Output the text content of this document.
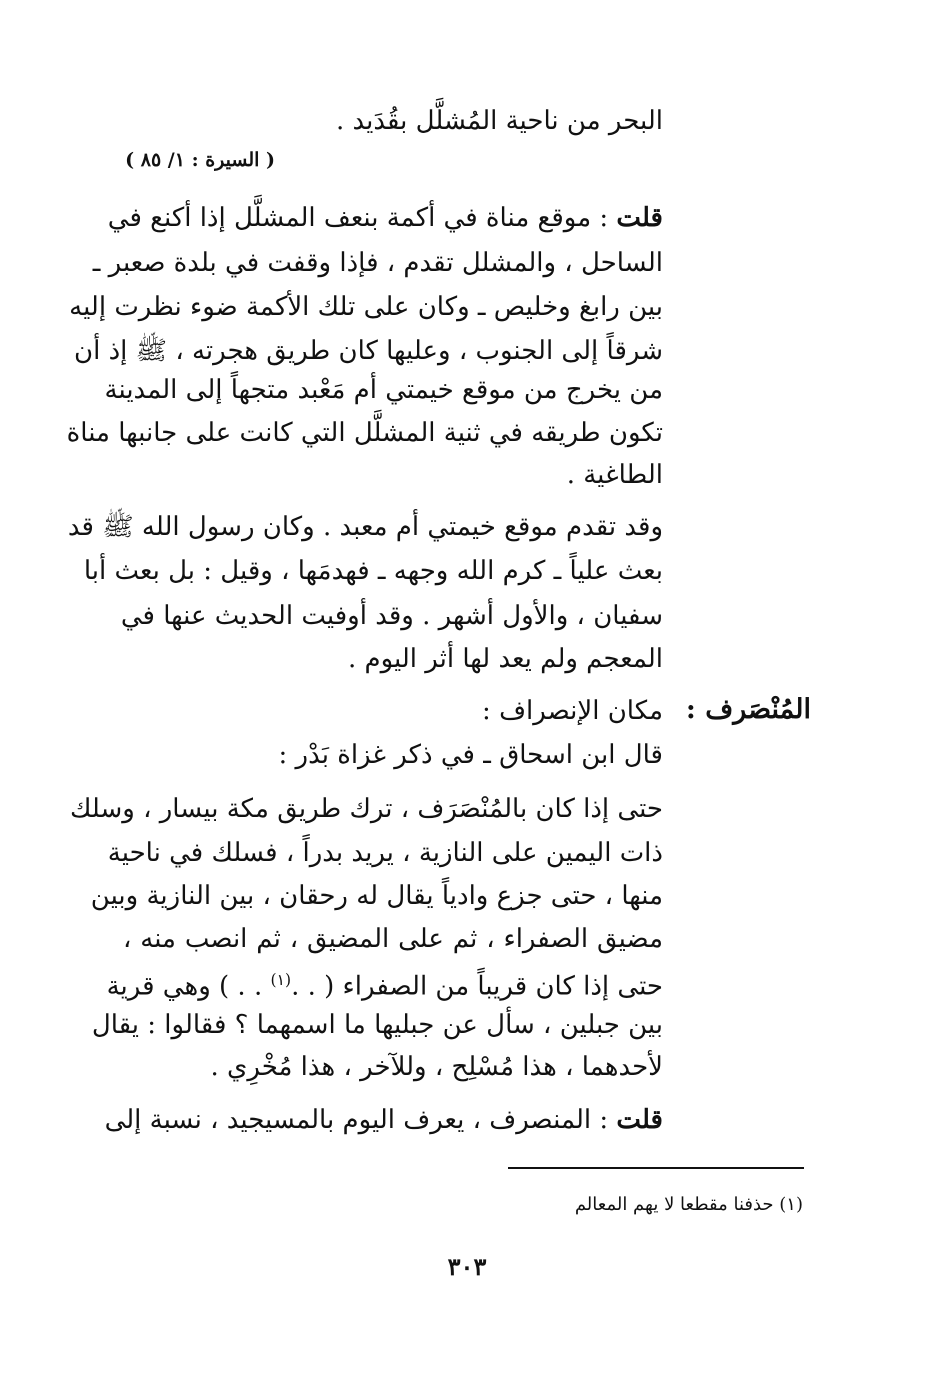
البحر من ناحية المُشلَّل بقُدَيد .
( السيرة : ١/ ٨٥ )
قلت : موقع مناة في أكمة بنعف المشلَّل إذا أكنع في
الساحل ، والمشلل تقدم ، فإذا وقفت في بلدة صعبر ـ
بين رابغ وخليص ـ وكان على تلك الأكمة ضوء نظرت إليه
شرقاً إلى الجنوب ، وعليها كان طريق هجرته ، ﷺ إذ أن
من يخرج من موقع خيمتي أم مَعْبد متجهاً إلى المدينة
تكون طريقه في ثنية المشلَّل التي كانت على جانبها مناة
الطاغية .
وقد تقدم موقع خيمتي أم معبد . وكان رسول الله ﷺ قد
بعث علياً ـ كرم الله وجهه ـ فهدمَها ، وقيل : بل بعث أبا
سفيان ، والأول أشهر . وقد أوفيت الحديث عنها في
المعجم ولم يعد لها أثر اليوم .
المُنْصَرف :
مكان الإنصراف :
قال ابن اسحاق ـ في ذكر غزاة بَدْر :
حتى إذا كان بالمُنْصَرَف ، ترك طريق مكة بيسار ، وسلك
ذات اليمين على النازية ، يريد بدراً ، فسلك في ناحية
منها ، حتى جزع وادياً يقال له رحقان ، بين النازية وبين
مضيق الصفراء ، ثم على المضيق ، ثم انصب منه ،
حتى إذا كان قريباً من الصفراء ( . .$^{(١)}$ . . ) وهي قرية
بين جبلين ، سأل عن جبليها ما اسمهما ؟ فقالوا : يقال
لأحدهما ، هذا مُسْلِح ، وللآخر ، هذا مُخْرِي .
قلت : المنصرف ، يعرف اليوم بالمسيجيد ، نسبة إلى
(١) حذفنا مقطعا لا يهم المعالم
٣٠٣
